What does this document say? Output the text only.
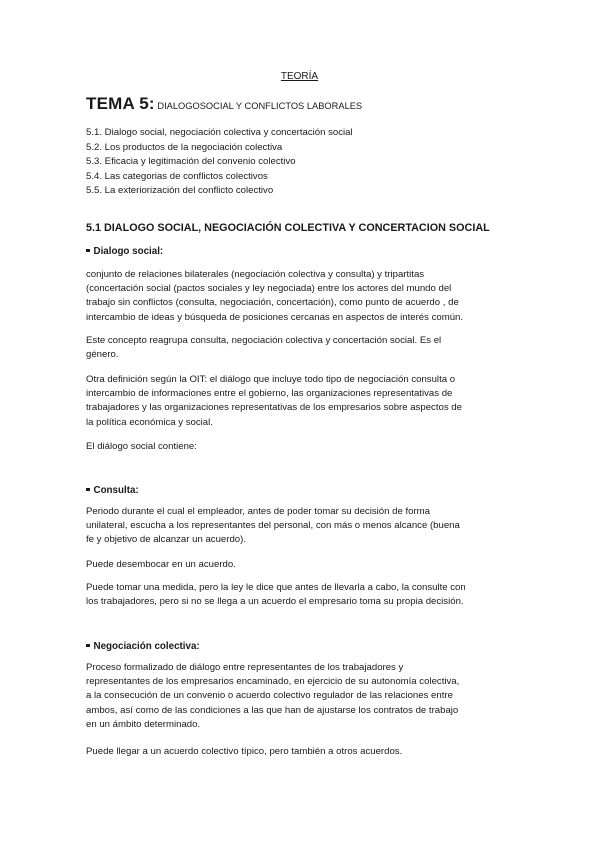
TEORÍA
TEMA 5: DIALOGOSOCIAL Y CONFLICTOS LABORALES
5.1. Dialogo social, negociación colectiva y concertación social
5.2. Los productos de la negociación colectiva
5.3. Eficacia y legitimación del convenio colectivo
5.4. Las categorias de conflictos colectivos
5.5. La exteriorización del conflicto colectivo
5.1 DIALOGO SOCIAL, NEGOCIACIÓN COLECTIVA Y CONCERTACION SOCIAL
Dialogo social:

conjunto de relaciones bilaterales (negociación colectiva y consulta) y tripartitas
(concertación social (pactos sociales y ley negociada) entre los actores del mundo del
trabajo sin conflictos (consulta, negociación, concertación), como punto de acuerdo , de
intercambio de ideas y búsqueda de posiciones cercanas en aspectos de interés común.

Este concepto reagrupa consulta, negociación colectiva y concertación social. Es el
género.

Otra definición según la OIT: el diálogo que incluye todo tipo de negociación consulta o
intercambio de informaciones entre el gobierno, las organizaciones representativas de
trabajadores y las organizaciones representativas de los empresarios sobre aspectos de
la política económica y social.

El diálogo social contiene:

Consulta:

Periodo durante el cual el empleador, antes de poder tomar su decisión de forma
unilateral, escucha a los representantes del personal, con más o menos alcance (buena
fe y objetivo de alcanzar un acuerdo).

Puede desembocar en un acuerdo.

Puede tomar una medida, pero la ley le dice que antes de llevarla a cabo, la consulte con
los trabajadores, pero si no se llega a un acuerdo el empresario toma su propia decisión.

Negociación colectiva:

Proceso formalizado de diálogo entre representantes de los trabajadores y
representantes de los empresarios encaminado, en ejercicio de su autonomía colectiva,
a la consecución de un convenio o acuerdo colectivo regulador de las relaciones entre
ambos, así como de las condiciones a las que han de ajustarse los contratos de trabajo
en un ámbito determinado.

Puede llegar a un acuerdo colectivo típico, pero también a otros acuerdos.
